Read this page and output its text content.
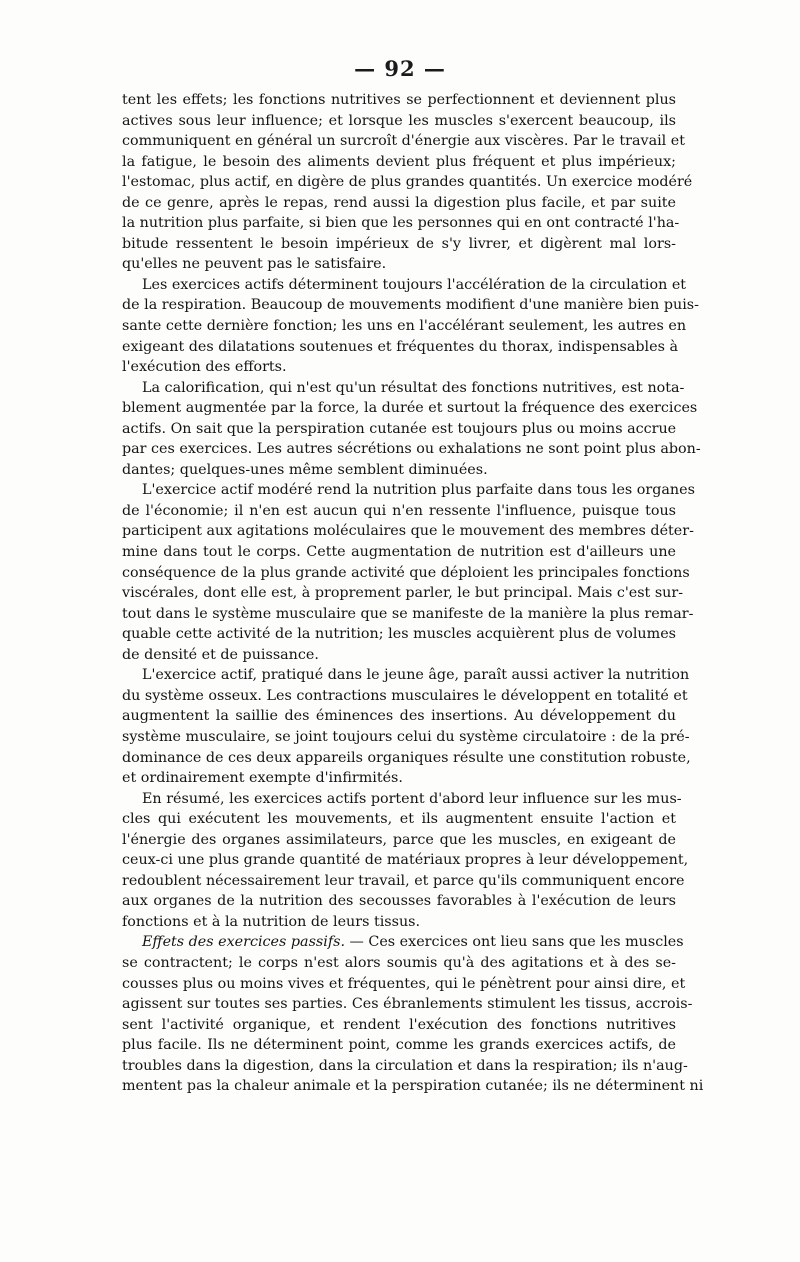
— 92 —
tent les effets; les fonctions nutritives se perfectionnent et deviennent plus
actives sous leur influence; et lorsque les muscles s'exercent beaucoup, ils
communiquent en général un surcroît d'énergie aux viscères. Par le travail et
la fatigue, le besoin des aliments devient plus fréquent et plus impérieux;
l'estomac, plus actif, en digère de plus grandes quantités. Un exercice modéré
de ce genre, après le repas, rend aussi la digestion plus facile, et par suite
la nutrition plus parfaite, si bien que les personnes qui en ont contracté l'ha-
bitude ressentent le besoin impérieux de s'y livrer, et digèrent mal lors-
qu'elles ne peuvent pas le satisfaire.
Les exercices actifs déterminent toujours l'accélération de la circulation et
de la respiration. Beaucoup de mouvements modifient d'une manière bien puis-
sante cette dernière fonction; les uns en l'accélérant seulement, les autres en
exigeant des dilatations soutenues et fréquentes du thorax, indispensables à
l'exécution des efforts.
La calorification, qui n'est qu'un résultat des fonctions nutritives, est nota-
blement augmentée par la force, la durée et surtout la fréquence des exercices
actifs. On sait que la perspiration cutanée est toujours plus ou moins accrue
par ces exercices. Les autres sécrétions ou exhalations ne sont point plus abon-
dantes; quelques-unes même semblent diminuées.
L'exercice actif modéré rend la nutrition plus parfaite dans tous les organes
de l'économie; il n'en est aucun qui n'en ressente l'influence, puisque tous
participent aux agitations moléculaires que le mouvement des membres déter-
mine dans tout le corps. Cette augmentation de nutrition est d'ailleurs une
conséquence de la plus grande activité que déploient les principales fonctions
viscérales, dont elle est, à proprement parler, le but principal. Mais c'est sur-
tout dans le système musculaire que se manifeste de la manière la plus remar-
quable cette activité de la nutrition; les muscles acquièrent plus de volumes
de densité et de puissance.
L'exercice actif, pratiqué dans le jeune âge, paraît aussi activer la nutrition
du système osseux. Les contractions musculaires le développent en totalité et
augmentent la saillie des éminences des insertions. Au développement du
système musculaire, se joint toujours celui du système circulatoire : de la pré-
dominance de ces deux appareils organiques résulte une constitution robuste,
et ordinairement exempte d'infirmités.
En résumé, les exercices actifs portent d'abord leur influence sur les mus-
cles qui exécutent les mouvements, et ils augmentent ensuite l'action et
l'énergie des organes assimilateurs, parce que les muscles, en exigeant de
ceux-ci une plus grande quantité de matériaux propres à leur développement,
redoublent nécessairement leur travail, et parce qu'ils communiquent encore
aux organes de la nutrition des secousses favorables à l'exécution de leurs
fonctions et à la nutrition de leurs tissus.
Effets des exercices passifs. — Ces exercices ont lieu sans que les muscles
se contractent; le corps n'est alors soumis qu'à des agitations et à des se-
cousses plus ou moins vives et fréquentes, qui le pénètrent pour ainsi dire, et
agissent sur toutes ses parties. Ces ébranlements stimulent les tissus, accrois-
sent l'activité organique, et rendent l'exécution des fonctions nutritives
plus facile. Ils ne déterminent point, comme les grands exercices actifs, de
troubles dans la digestion, dans la circulation et dans la respiration; ils n'aug-
mentent pas la chaleur animale et la perspiration cutanée; ils ne déterminent ni
